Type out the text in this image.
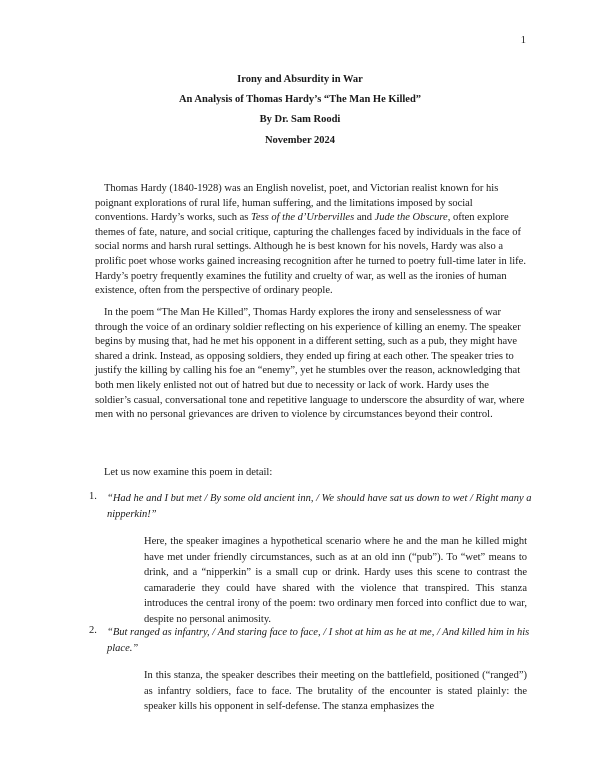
1
Irony and Absurdity in War
An Analysis of Thomas Hardy’s “The Man He Killed”
By Dr. Sam Roodi
November 2024

Thomas Hardy (1840-1928) was an English novelist, poet, and Victorian realist known for his poignant explorations of rural life, human suffering, and the limitations imposed by social conventions. Hardy’s works, such as Tess of the d’Urbervilles and Jude the Obscure, often explore themes of fate, nature, and social critique, capturing the challenges faced by individuals in the face of social norms and harsh rural settings. Although he is best known for his novels, Hardy was also a prolific poet whose works gained increasing recognition after he turned to poetry full-time later in life. Hardy’s poetry frequently examines the futility and cruelty of war, as well as the ironies of human existence, often from the perspective of ordinary people.

In the poem “The Man He Killed”, Thomas Hardy explores the irony and senselessness of war through the voice of an ordinary soldier reflecting on his experience of killing an enemy. The speaker begins by musing that, had he met his opponent in a different setting, such as a pub, they might have shared a drink. Instead, as opposing soldiers, they ended up firing at each other. The speaker tries to justify the killing by calling his foe an “enemy”, yet he stumbles over the reason, acknowledging that both men likely enlisted not out of hatred but due to necessity or lack of work. Hardy uses the soldier’s casual, conversational tone and repetitive language to underscore the absurdity of war, where men with no personal grievances are driven to violence by circumstances beyond their control.

Let us now examine this poem in detail:
1. “Had he and I but met / By some old ancient inn, / We should have sat us down to wet / Right many a nipperkin!”

Here, the speaker imagines a hypothetical scenario where he and the man he killed might have met under friendly circumstances, such as at an old inn (“pub”). To “wet” means to drink, and a “nipperkin” is a small cup or drink. Hardy uses this scene to contrast the camaraderie they could have shared with the violence that transpired. This stanza introduces the central irony of the poem: two ordinary men forced into conflict due to war, despite no personal animosity.

2. “But ranged as infantry, / And staring face to face, / I shot at him as he at me, / And killed him in his place.”

In this stanza, the speaker describes their meeting on the battlefield, positioned (“ranged”) as infantry soldiers, face to face. The brutality of the encounter is stated plainly: the speaker kills his opponent in self-defense. The stanza emphasizes the
